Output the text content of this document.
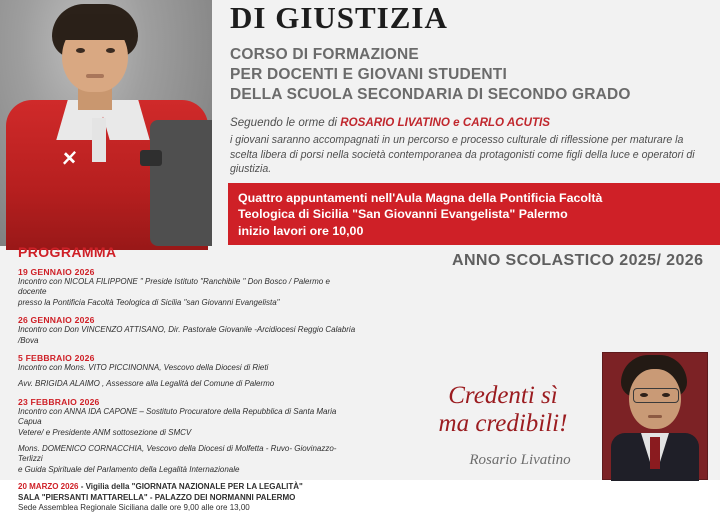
✕
DI GIUSTIZIA
CORSO DI FORMAZIONE
PER DOCENTI E GIOVANI STUDENTI
DELLA SCUOLA SECONDARIA DI SECONDO GRADO
Seguendo le orme di ROSARIO LIVATINO e CARLO ACUTIS
i giovani saranno accompagnati in un percorso e processo culturale di riflessione per maturare la scelta libera di porsi nella società contemporanea da protagonisti come figli della luce e operatori di giustizia.
Quattro appuntamenti nell'Aula Magna della Pontificia Facoltà
Teologica di Sicilia "San Giovanni Evangelista" Palermo
inizio lavori ore 10,00
ANNO SCOLASTICO 2025/ 2026
PROGRAMMA
19 GENNAIO 2026
Incontro con NICOLA FILIPPONE " Preside Istituto "Ranchibile " Don Bosco / Palermo e docente
presso la Pontificia Facoltà Teologica di Sicilia "san Giovanni Evangelista"
26 GENNAIO 2026
Incontro con Don VINCENZO ATTISANO, Dir. Pastorale Giovanile -Arcidiocesi Reggio Calabria /Bova
5 FEBBRAIO 2026
Incontro con Mons. VITO PICCINONNA, Vescovo della Diocesi di Rieti
Avv. BRIGIDA ALAIMO , Assessore alla Legalità del Comune di Palermo
23 FEBBRAIO 2026
Incontro con ANNA IDA CAPONE – Sostituto Procuratore della Repubblica di Santa Maria Capua
Vetere/ e Presidente ANM sottosezione di SMCV
Mons. DOMENICO CORNACCHIA, Vescovo della Diocesi di Molfetta - Ruvo- Giovinazzo-Terlizzi
e Guida Spirituale del Parlamento della Legalità Internazionale
20 MARZO 2026 - Vigilia della "GIORNATA NAZIONALE PER LA LEGALITÀ"
SALA "PIERSANTI MATTARELLA" - PALAZZO DEI NORMANNI PALERMO
Sede Assemblea Regionale Siciliana dalle ore 9,00 alle ore 13,00
Credenti sì
ma credibili!
Rosario Livatino
